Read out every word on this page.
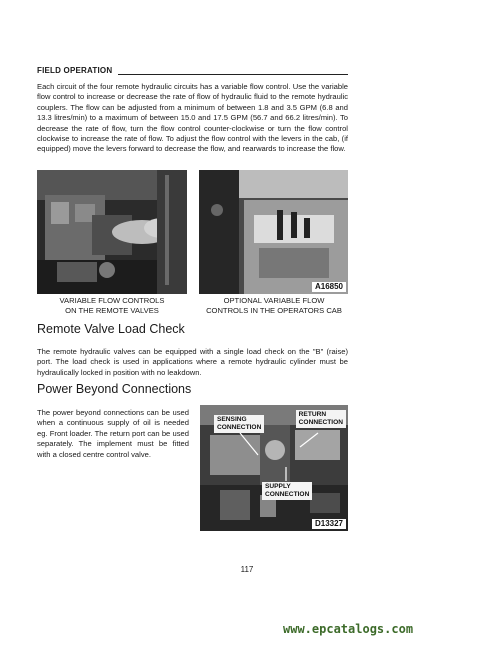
FIELD OPERATION
Each circuit of the four remote hydraulic circuits has a variable flow control. Use the variable flow control to increase or decrease the rate of flow of hydraulic fluid to the remote hydraulic couplers. The flow can be adjusted from a minimum of between 1.8 and 3.5 GPM (6.8 and 13.3 litres/min) to a maximum of between 15.0 and 17.5 GPM (56.7 and 66.2 litres/min). To decrease the rate of flow, turn the flow control counter-clockwise or turn the flow control clockwise to increase the rate of flow. To adjust the flow control with the levers in the cab, (if equipped) move the levers forward to decrease the flow, and rearwards to increase the flow.
A16850
VARIABLE FLOW CONTROLS
ON THE REMOTE VALVES
OPTIONAL VARIABLE FLOW
CONTROLS IN THE OPERATORS CAB
Remote Valve Load Check
The remote hydraulic valves can be equipped with a single load check on the "B" (raise) port. The load check is used in applications where a remote hydraulic cylinder must be hydraulically locked in position with no leakdown.
Power Beyond Connections
The power beyond connections can be used when a continuous supply of oil is needed eg. Front loader. The return port can be used separately. The implement must be fitted with a closed centre control valve.
SENSING
CONNECTION
RETURN
CONNECTION
SUPPLY
CONNECTION
D13327
117
www.epcatalogs.com
